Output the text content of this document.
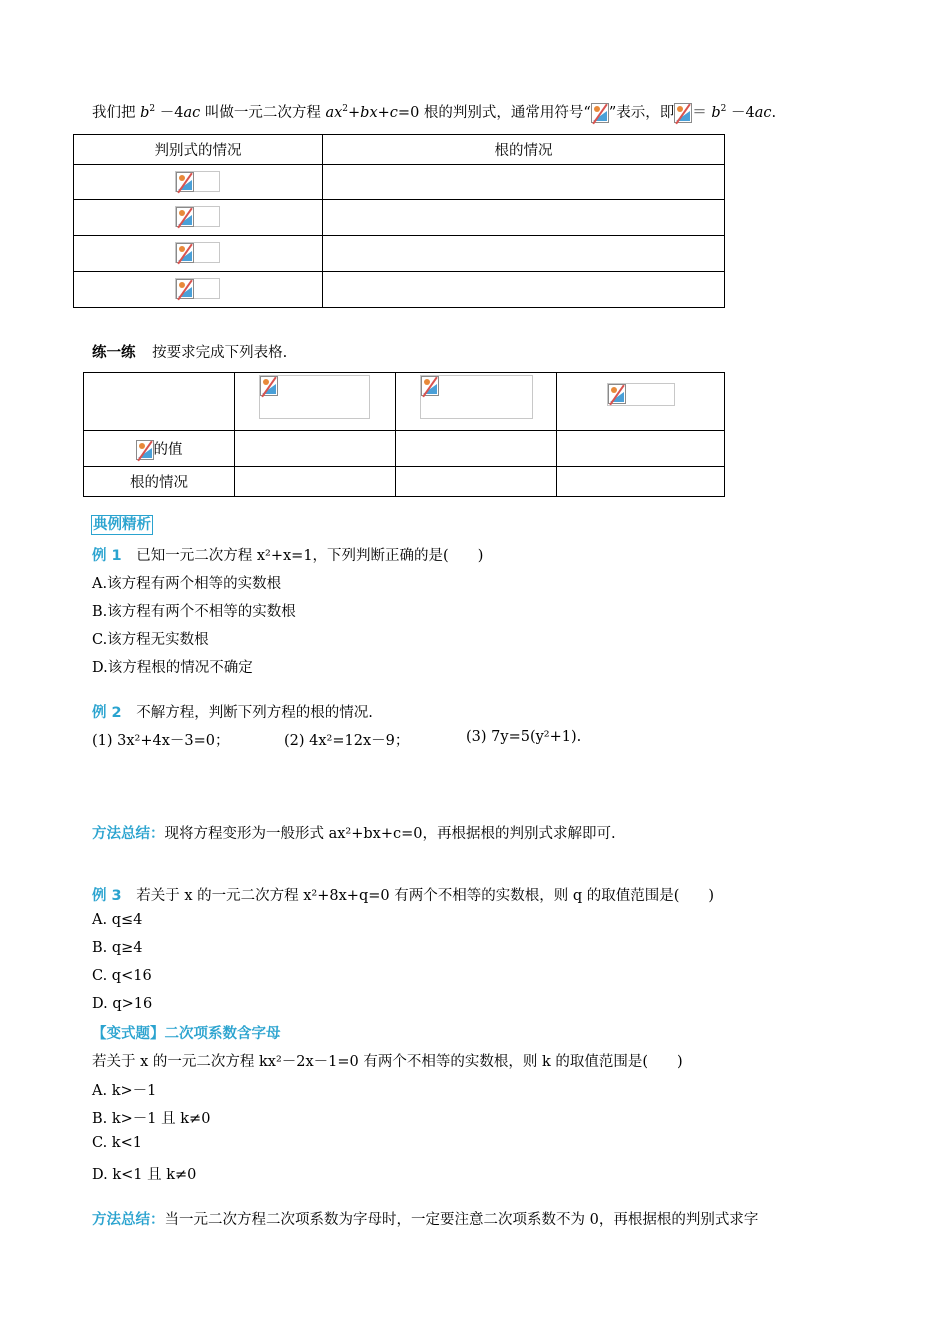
我们把 $b^2 -4ac$ 叫做一元二次方程 $ax^2+bx+c=0$ 根的判别式，通常用符号“ ”表示，即 ＝ $b^2 -4ac$.
判别式的情况	根的情况

练一练 按要求完成下列表格.

的值			
根的情况			
典例精析
例 1 已知一元二次方程 x²+x=1，下列判断正确的是(　　)
A.该方程有两个相等的实数根
B.该方程有两个不相等的实数根
C.该方程无实数根
D.该方程根的情况不确定
例 2 不解方程，判断下列方程的根的情况.
(1) 3x²+4x－3=0；	(2) 4x²=12x－9；	(3) 7y=5(y²+1).
方法总结：现将方程变形为一般形式 ax²+bx+c=0，再根据根的判别式求解即可.
例 3 若关于 x 的一元二次方程 x²+8x+q=0 有两个不相等的实数根，则 q 的取值范围是(　　)
A. q≤4
B. q≥4
C. q<16
D. q>16
【变式题】二次项系数含字母
若关于 x 的一元二次方程 kx²－2x－1=0 有两个不相等的实数根，则 k 的取值范围是(　　)
A. k>－1
B. k>－1 且 k≠0
C. k<1
D. k<1 且 k≠0
方法总结：当一元二次方程二次项系数为字母时，一定要注意二次项系数不为 0，再根据根的判别式求字
